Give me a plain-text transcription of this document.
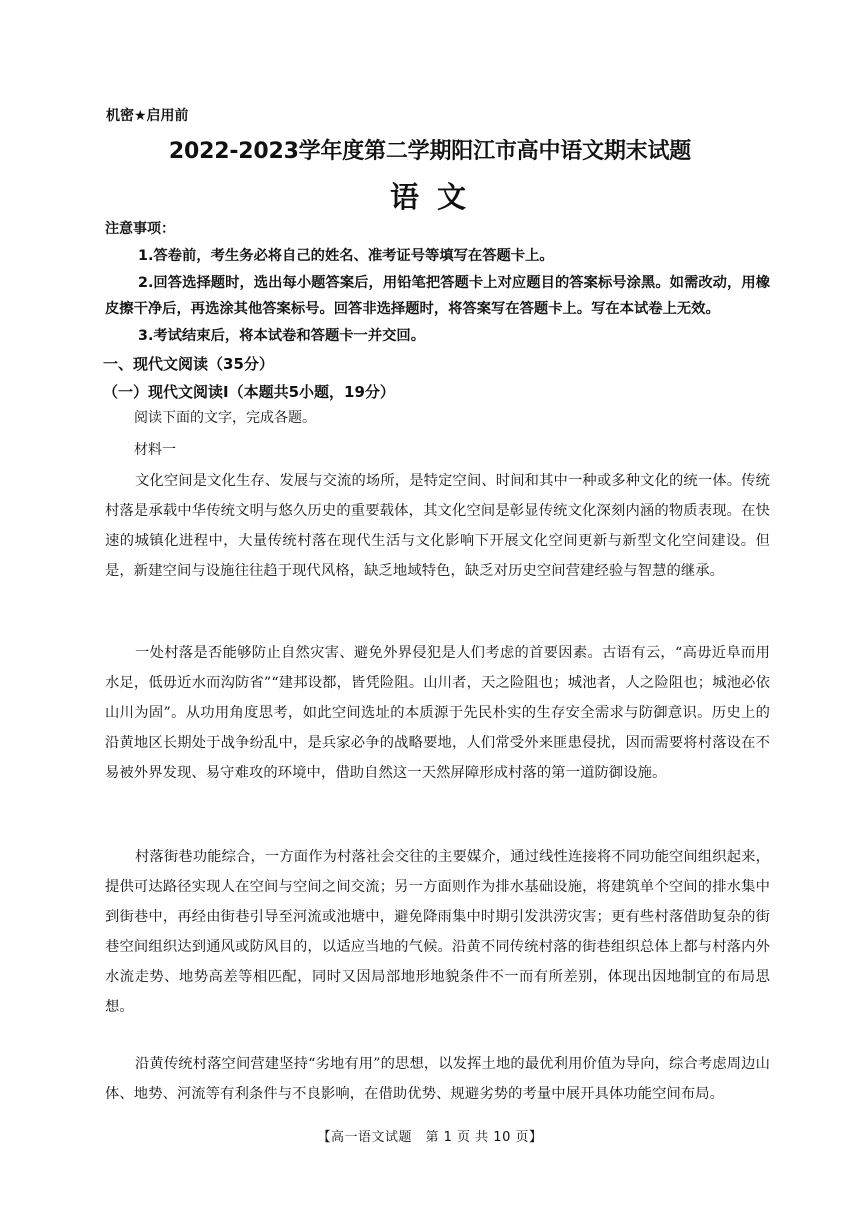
机密★启用前
2022-2023学年度第二学期阳江市高中语文期末试题
语 文
注意事项：
1.答卷前，考生务必将自己的姓名、准考证号等填写在答题卡上。
2.回答选择题时，选出每小题答案后，用铅笔把答题卡上对应题目的答案标号涂黑。如需改动，用橡皮擦干净后，再选涂其他答案标号。回答非选择题时，将答案写在答题卡上。写在本试卷上无效。
3.考试结束后，将本试卷和答题卡一并交回。
一、现代文阅读（35分）
（一）现代文阅读Ⅰ（本题共5小题，19分）
阅读下面的文字，完成各题。
材料一

文化空间是文化生存、发展与交流的场所，是特定空间、时间和其中一种或多种文化的统一体。传统村落是承载中华传统文明与悠久历史的重要载体，其文化空间是彰显传统文化深刻内涵的物质表现。在快速的城镇化进程中，大量传统村落在现代生活与文化影响下开展文化空间更新与新型文化空间建设。但是，新建空间与设施往往趋于现代风格，缺乏地域特色，缺乏对历史空间营建经验与智慧的继承。

一处村落是否能够防止自然灾害、避免外界侵犯是人们考虑的首要因素。古语有云，“高毋近阜而用水足，低毋近水而沟防省”“建邦设都，皆凭险阻。山川者，天之险阻也；城池者，人之险阻也；城池必依山川为固”。从功用角度思考，如此空间选址的本质源于先民朴实的生存安全需求与防御意识。历史上的沿黄地区长期处于战争纷乱中，是兵家必争的战略要地，人们常受外来匪患侵扰，因而需要将村落设在不易被外界发现、易守难攻的环境中，借助自然这一天然屏障形成村落的第一道防御设施。

村落街巷功能综合，一方面作为村落社会交往的主要媒介，通过线性连接将不同功能空间组织起来，提供可达路径实现人在空间与空间之间交流；另一方面则作为排水基础设施，将建筑单个空间的排水集中到街巷中，再经由街巷引导至河流或池塘中，避免降雨集中时期引发洪涝灾害；更有些村落借助复杂的街巷空间组织达到通风或防风目的，以适应当地的气候。沿黄不同传统村落的街巷组织总体上都与村落内外水流走势、地势高差等相匹配，同时又因局部地形地貌条件不一而有所差别，体现出因地制宜的布局思想。

沿黄传统村落空间营建坚持“劣地有用”的思想，以发挥土地的最优利用价值为导向，综合考虑周边山体、地势、河流等有利条件与不良影响，在借助优势、规避劣势的考量中展开具体功能空间布局。

【高一语文试题　第 1 页 共 10 页】
